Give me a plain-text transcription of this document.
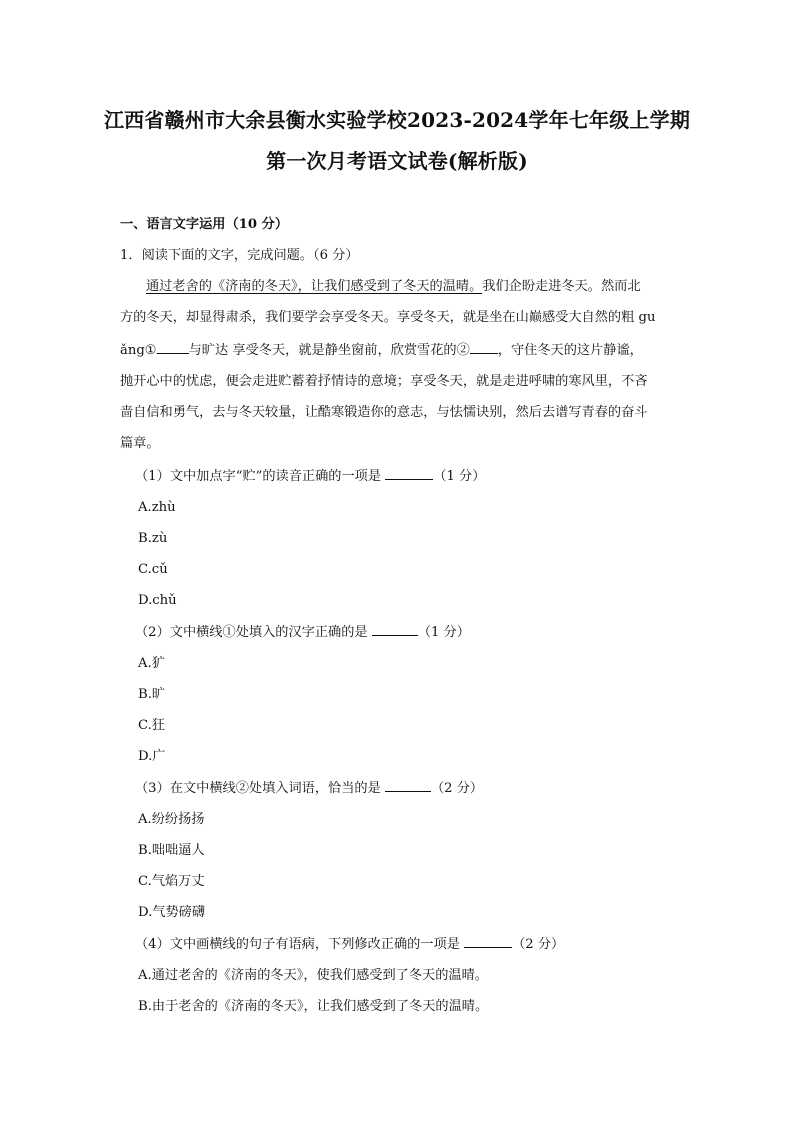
江西省赣州市大余县衡水实验学校2023-2024学年七年级上学期
第一次月考语文试卷(解析版)
一、语言文字运用（10 分）
1．阅读下面的文字，完成问题。（6 分）
通过老舍的《济南的冬天》，让我们感受到了冬天的温晴。我们企盼走进冬天。然而北
方的冬天，却显得肃杀，我们要学会享受冬天。享受冬天，就是坐在山巅感受大自然的粗 gu
ǎng① 与旷达 享受冬天，就是静坐窗前，欣赏雪花的② ，守住冬天的这片静谧，
抛开心中的忧虑，便会走进贮蓄着抒情诗的意境；享受冬天，就是走进呼啸的寒风里，不吝
啬自信和勇气，去与冬天较量，让酷寒锻造你的意志，与怯懦诀别，然后去谱写青春的奋斗
篇章。
（1）文中加点字“贮”的读音正确的一项是	（1 分）
A.zhù
B.zù
C.cǔ
D.chǔ
（2）文中横线①处填入的汉字正确的是	（1 分）
A.犷
B.旷
C.狂
D.广
（3）在文中横线②处填入词语，恰当的是	（2 分）
A.纷纷扬扬
B.咄咄逼人
C.气焰万丈
D.气势磅礴
（4）文中画横线的句子有语病，下列修改正确的一项是	（2 分）
A.通过老舍的《济南的冬天》，使我们感受到了冬天的温晴。
B.由于老舍的《济南的冬天》，让我们感受到了冬天的温晴。
